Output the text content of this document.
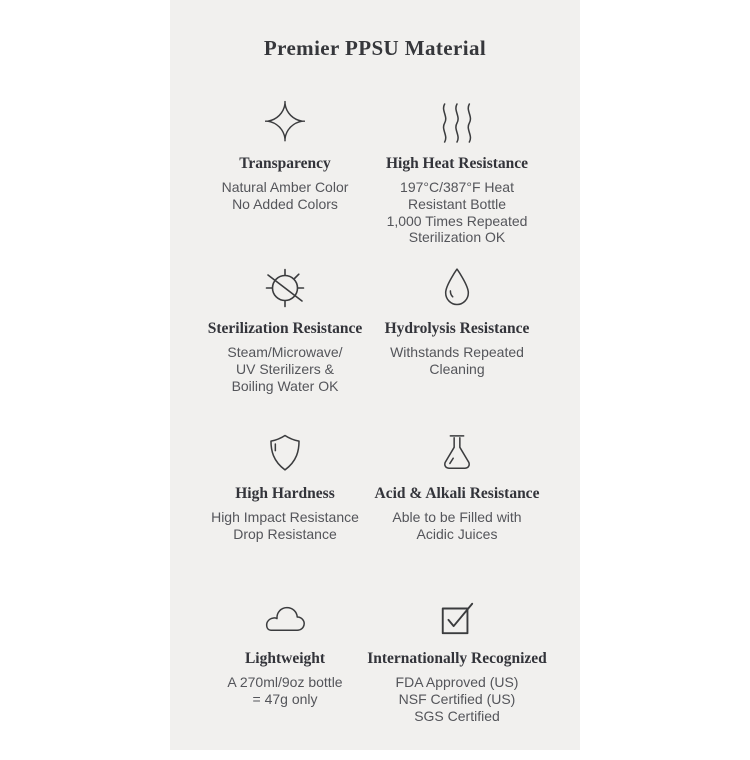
Premier PPSU Material
Transparency
Natural Amber Color
No Added Colors
High Heat Resistance
197°C/387°F Heat
Resistant Bottle
1,000 Times Repeated
Sterilization OK
Sterilization Resistance
Steam/Microwave/
UV Sterilizers &
Boiling Water OK
Hydrolysis Resistance
Withstands Repeated
Cleaning
High Hardness
High Impact Resistance
Drop Resistance
Acid & Alkali Resistance
Able to be Filled with
Acidic Juices
Lightweight
A 270ml/9oz bottle
= 47g only
Internationally Recognized
FDA Approved (US)
NSF Certified (US)
SGS Certified
